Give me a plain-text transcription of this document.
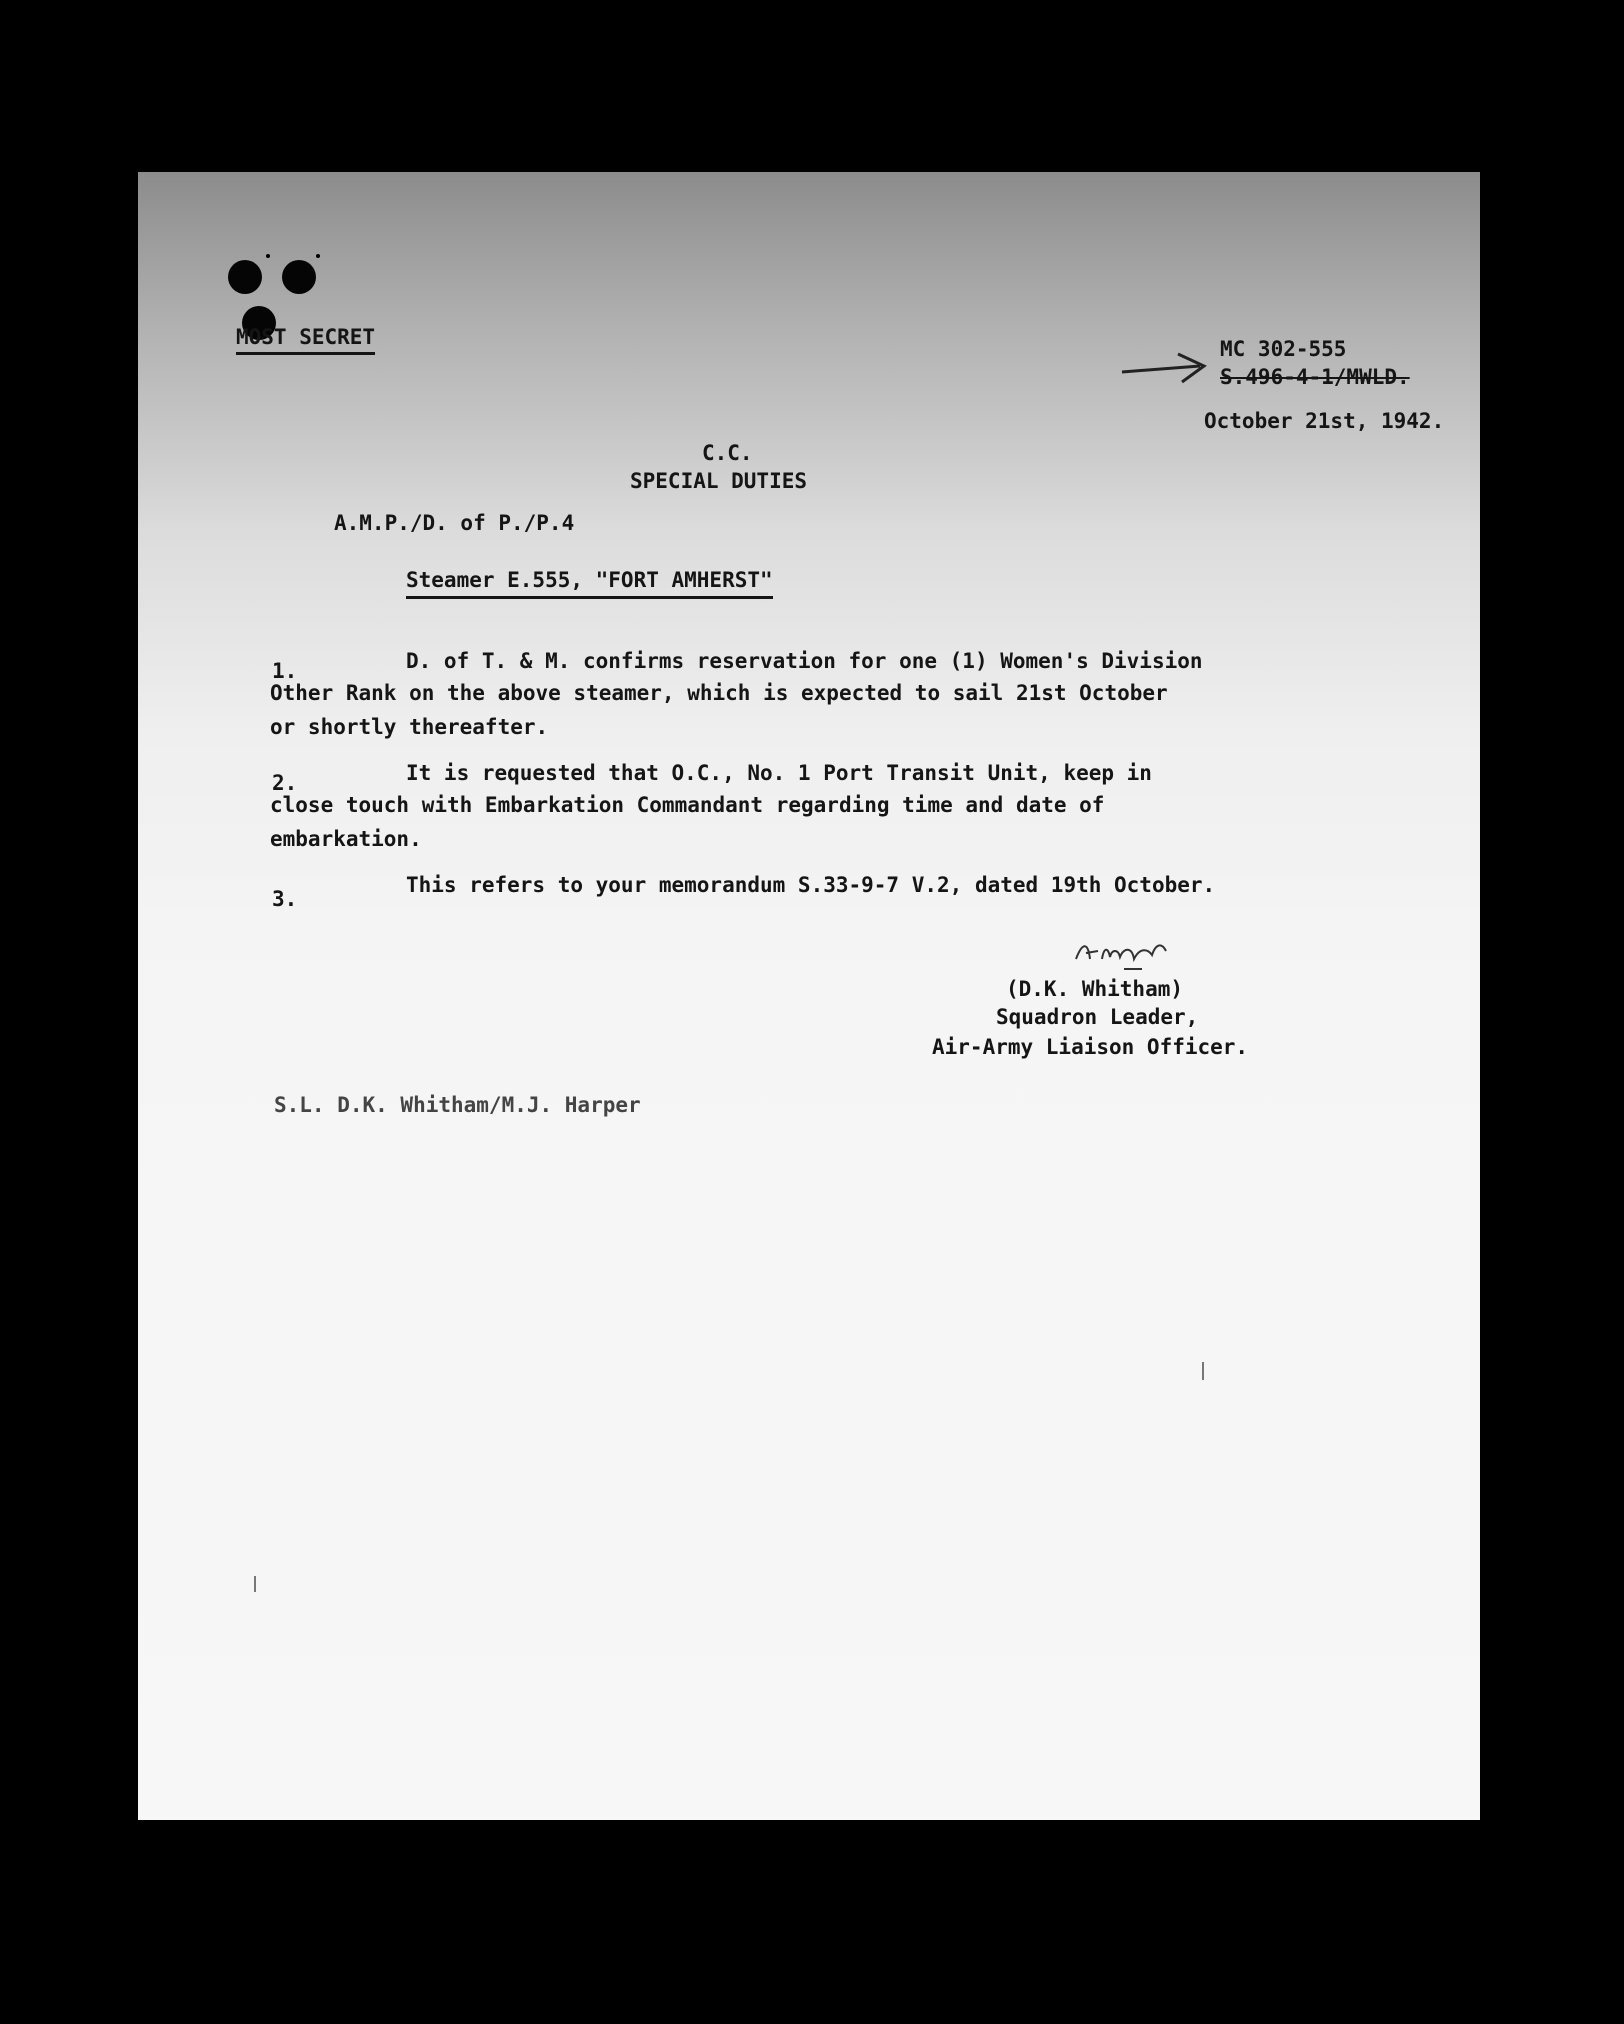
MOST SECRET	MC 302-555

S.496-4-1/MWLD.

October 21st, 1942.

C.C.

SPECIAL DUTIES

A.M.P./D. of P./P.4

Steamer E.555, "FORT AMHERST"

1.	D. of T. & M. confirms reservation for one (1) Women's Division

Other Rank on the above steamer, which is expected to sail 21st October

or shortly thereafter.

2.	It is requested that O.C., No. 1 Port Transit Unit, keep in

close touch with Embarkation Commandant regarding time and date of

embarkation.

3.

This refers to your memorandum S.33-9-7 V.2, dated 19th October.

(D.K. Whitham)

Squadron Leader,

Air-Army Liaison Officer.

S.L. D.K. Whitham/M.J. Harper
